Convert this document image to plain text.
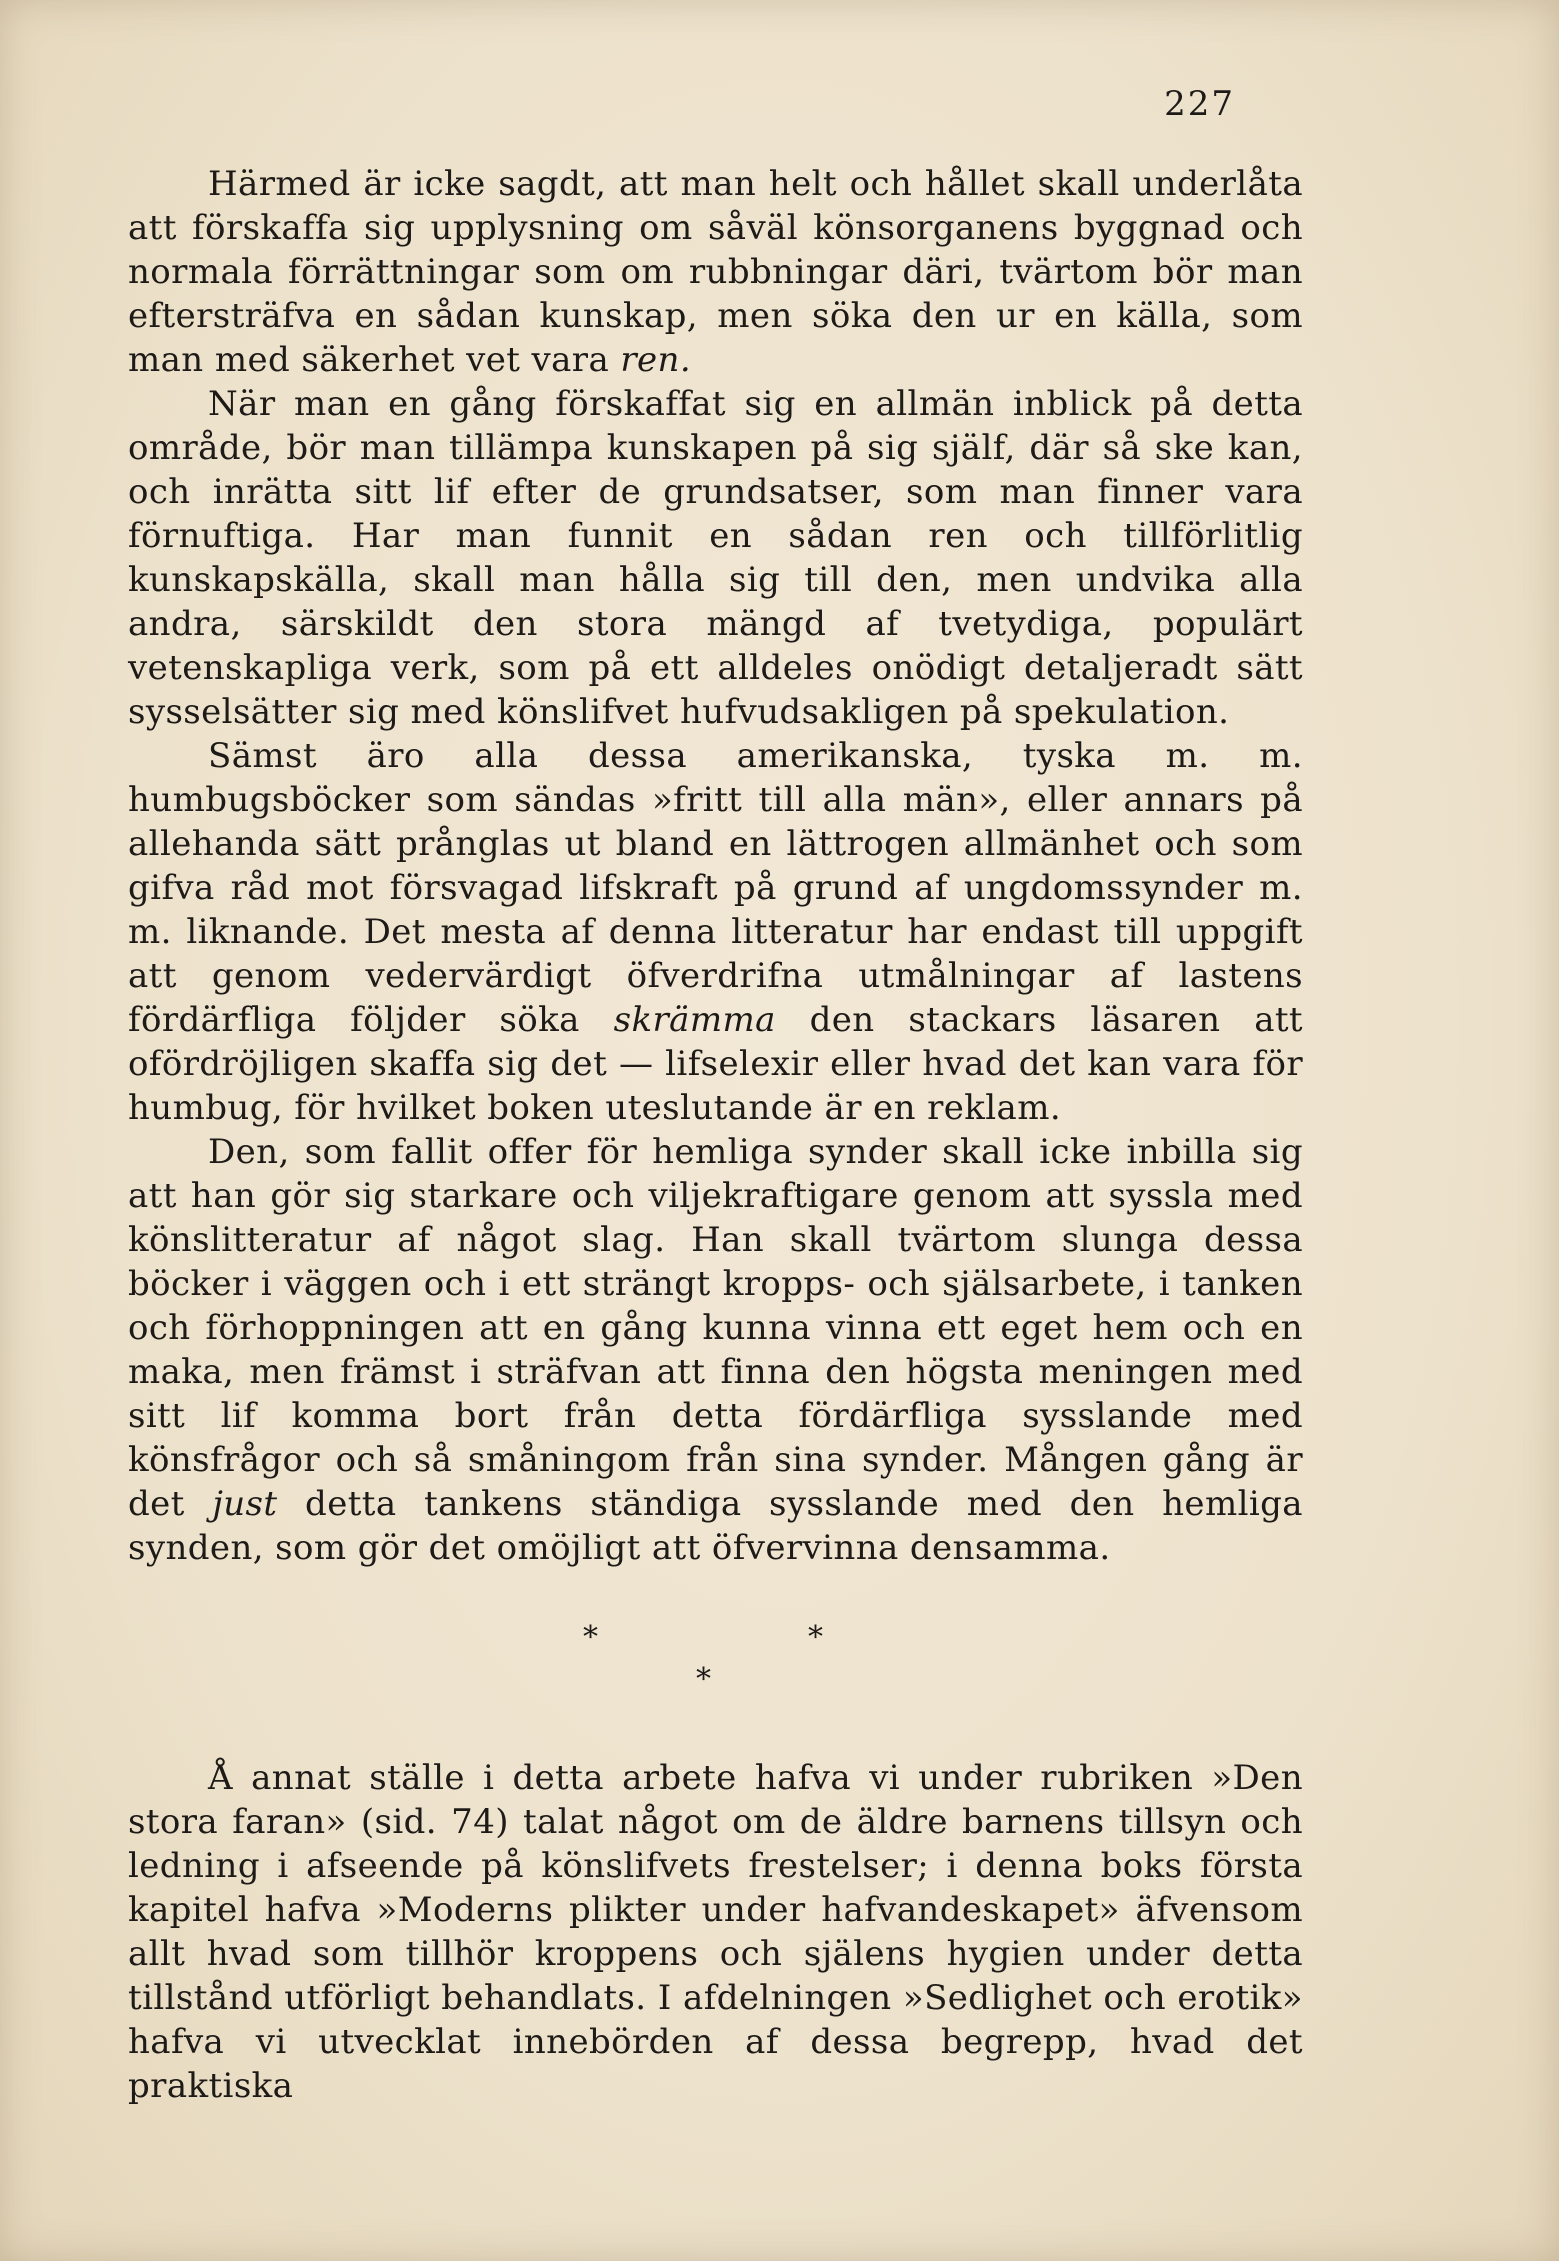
227

Härmed är icke sagdt, att man helt och hållet skall underlåta att förskaffa sig upplysning om såväl könsorganens byggnad och normala förrättningar som om rubbningar däri, tvärtom bör man eftersträfva en sådan kunskap, men söka den ur en källa, som man med säkerhet vet vara ren.

När man en gång förskaffat sig en allmän inblick på detta område, bör man tillämpa kunskapen på sig själf, där så ske kan, och inrätta sitt lif efter de grundsatser, som man finner vara förnuftiga. Har man funnit en sådan ren och tillförlitlig kunskapskälla, skall man hålla sig till den, men undvika alla andra, särskildt den stora mängd af tvetydiga, populärt vetenskapliga verk, som på ett alldeles onödigt detaljeradt sätt sysselsätter sig med könslifvet hufvudsakligen på spekulation.

Sämst äro alla dessa amerikanska, tyska m. m. humbugsböcker som sändas »fritt till alla män», eller annars på allehanda sätt prånglas ut bland en lättrogen allmänhet och som gifva råd mot försvagad lifskraft på grund af ungdomssynder m. m. liknande. Det mesta af denna litteratur har endast till uppgift att genom vedervärdigt öfverdrifna utmålningar af lastens fördärfliga följder söka skrämma den stackars läsaren att ofördröjligen skaffa sig det — lifselexir eller hvad det kan vara för humbug, för hvilket boken uteslutande är en reklam.

Den, som fallit offer för hemliga synder skall icke inbilla sig att han gör sig starkare och viljekraftigare genom att syssla med könslitteratur af något slag. Han skall tvärtom slunga dessa böcker i väggen och i ett strängt kropps- och själsarbete, i tanken och förhoppningen att en gång kunna vinna ett eget hem och en maka, men främst i sträfvan att finna den högsta meningen med sitt lif komma bort från detta fördärfliga sysslande med könsfrågor och så småningom från sina synder. Mången gång är det just detta tankens ständiga sysslande med den hemliga synden, som gör det omöjligt att öfvervinna densamma.

*	*
*

Å annat ställe i detta arbete hafva vi under rubriken »Den stora faran» (sid. 74) talat något om de äldre barnens tillsyn och ledning i afseende på könslifvets frestelser; i denna boks första kapitel hafva »Moderns plikter under hafvandeskapet» äfvensom allt hvad som tillhör kroppens och själens hygien under detta tillstånd utförligt behandlats. I afdelningen »Sedlighet och erotik» hafva vi utvecklat innebörden af dessa begrepp, hvad det praktiska
